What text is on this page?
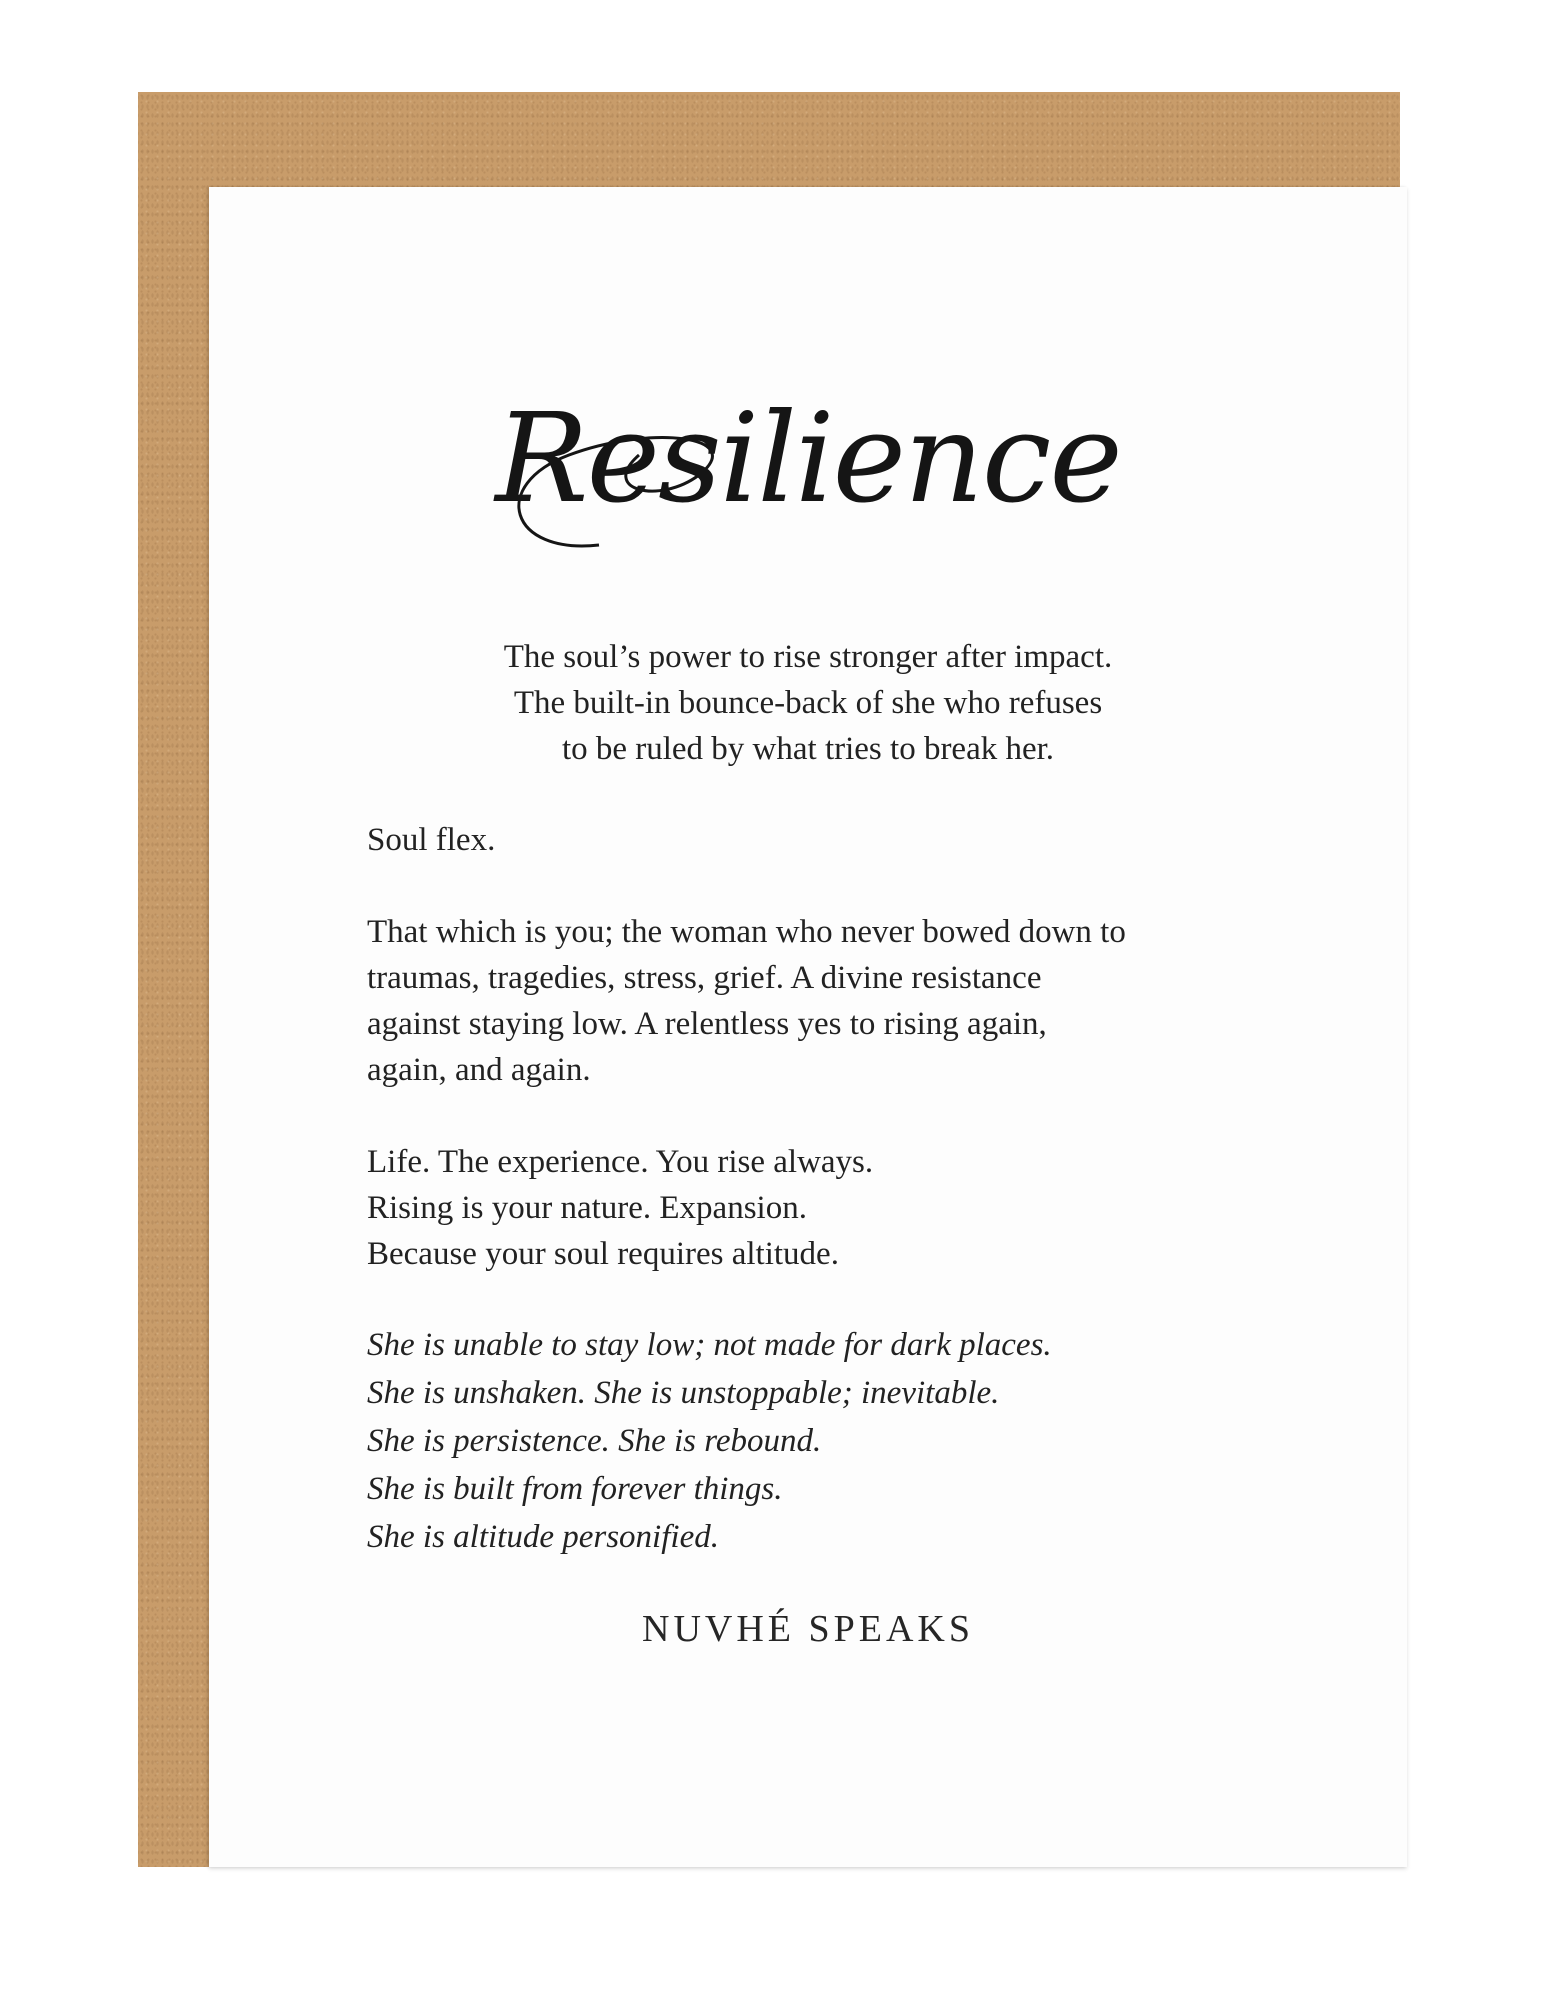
Resilience
The soul’s power to rise stronger after impact.
The built-in bounce-back of she who refuses
to be ruled by what tries to break her.
Soul flex.
That which is you; the woman who never bowed down to
traumas, tragedies, stress, grief. A divine resistance
against staying low. A relentless yes to rising again,
again, and again.
Life. The experience. You rise always.
Rising is your nature. Expansion.
Because your soul requires altitude.
She is unable to stay low; not made for dark places.
She is unshaken. She is unstoppable; inevitable.
She is persistence. She is rebound.
She is built from forever things.
She is altitude personified.
NUVHÉ SPEAKS
